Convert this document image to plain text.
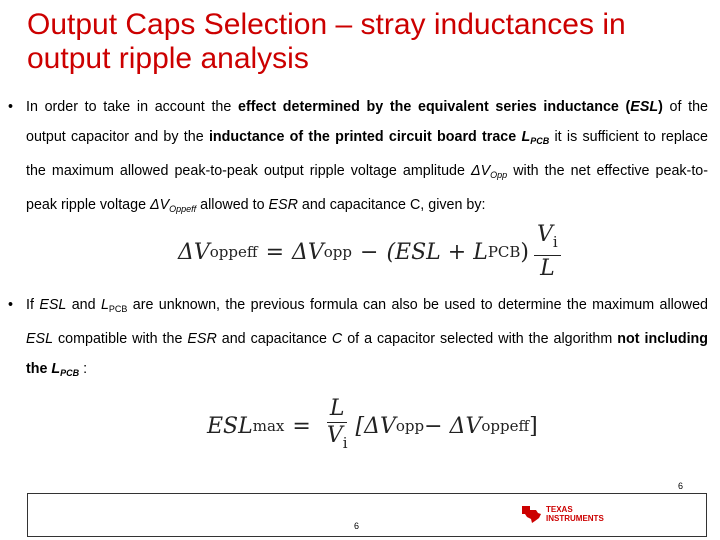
Output Caps Selection – stray inductances in output ripple analysis
• In order to take in account the effect determined by the equivalent series inductance (ESL) of the output capacitor and by the inductance of the printed circuit board trace $L_{PCB}$ it is sufficient to replace the maximum allowed peak-to-peak output ripple voltage amplitude $\Delta V_{Opp}$ with the net effective peak-to-peak ripple voltage $\Delta V_{Oppeff}$ allowed to ESR and capacitance C, given by:
ΔV oppeff = ΔV opp − (ESL + L PCB ) $\frac{V_i}{L}$
• If ESL and $L_{PCB}$ are unknown, the previous formula can also be used to determine the maximum allowed ESL compatible with the ESR and capacitance C of a capacitor selected with the algorithm not including the $L_{PCB}$ :
ESL $\max = \frac{L}{V_i} [\Delta V$ opp − ΔV oppeff ]
6
6
TEXAS
INSTRUMENTS
